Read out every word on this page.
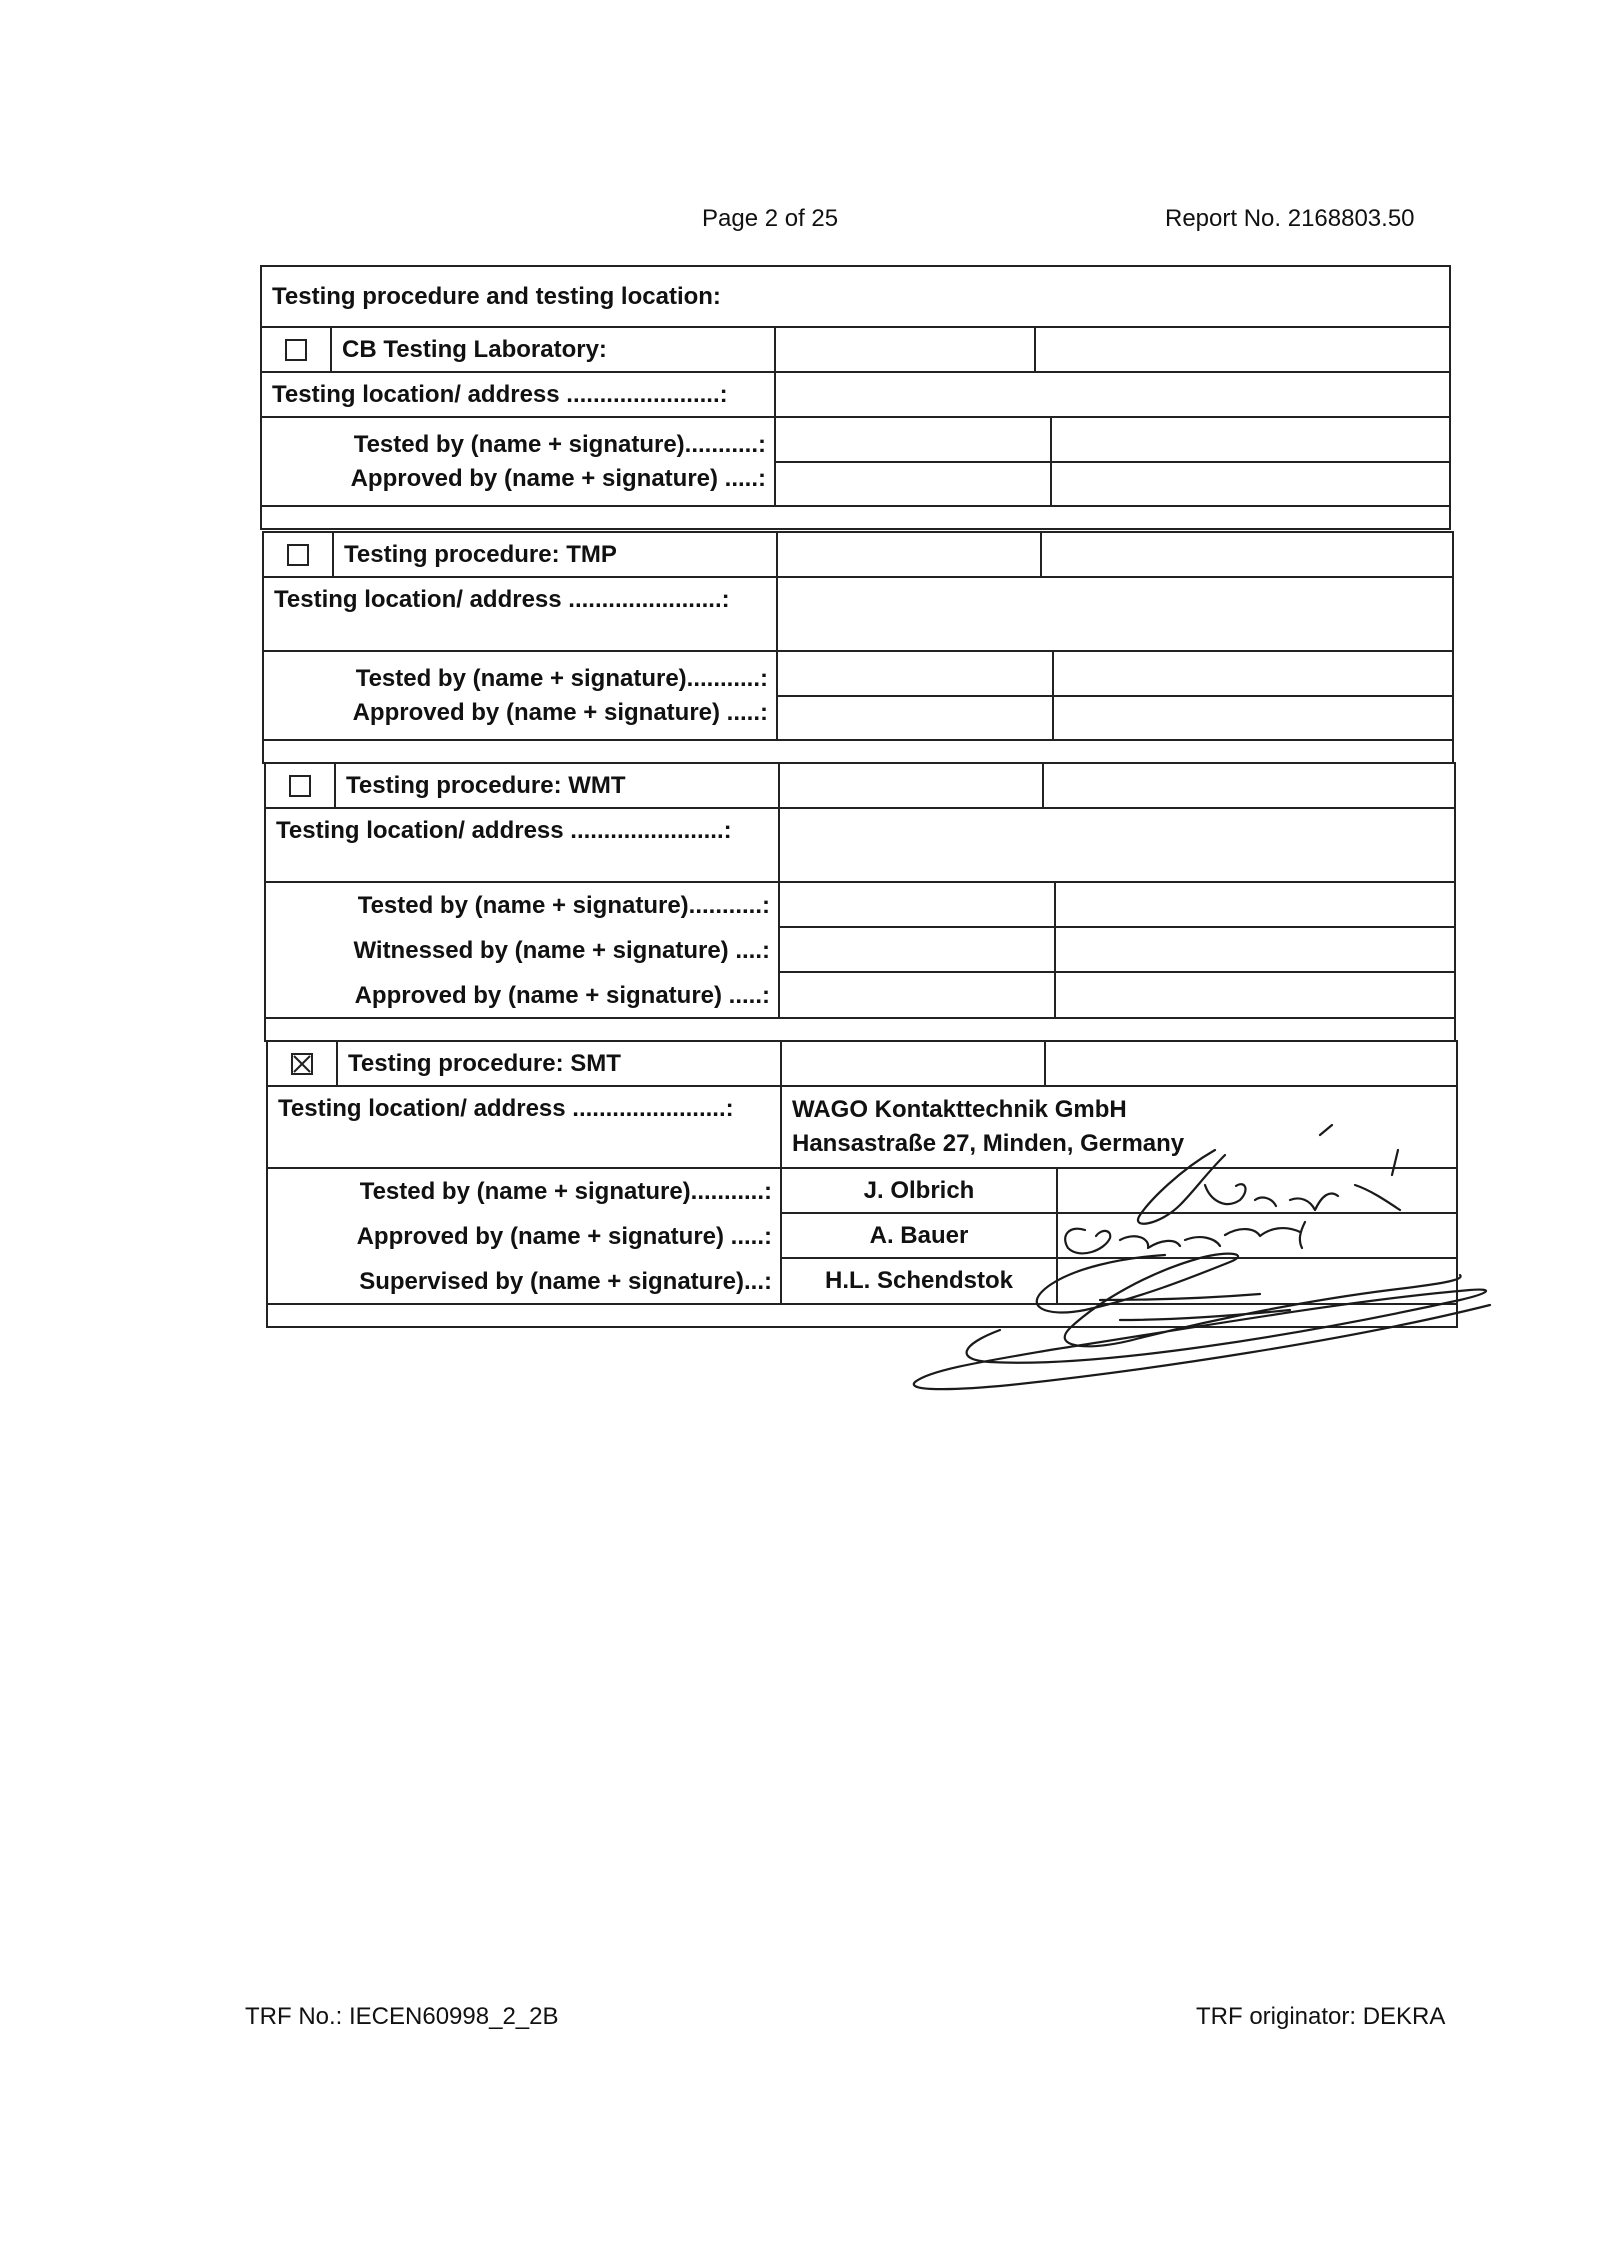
Page 2 of 25	Report No. 2168803.50
Testing procedure and testing location:
CB Testing Laboratory:
Testing location/ address .......................:
Tested by (name + signature)...........:
Approved by (name + signature) .....:
Testing procedure: TMP
Testing location/ address .......................:
Tested by (name + signature)...........:
Approved by (name + signature) .....:
Testing procedure: WMT
Testing location/ address .......................:
Tested by (name + signature)...........:
Witnessed by (name + signature) ....:
Approved by (name + signature) .....:
Testing procedure: SMT
Testing location/ address .......................: WAGO Kontakttechnik GmbH
Hansastraße 27, Minden, Germany
Tested by (name + signature)...........:
Approved by (name + signature) .....:
Supervised by (name + signature)...:
J. Olbrich
A. Bauer
H.L. Schendstok
TRF No.: IECEN60998_2_2B	TRF originator: DEKRA
